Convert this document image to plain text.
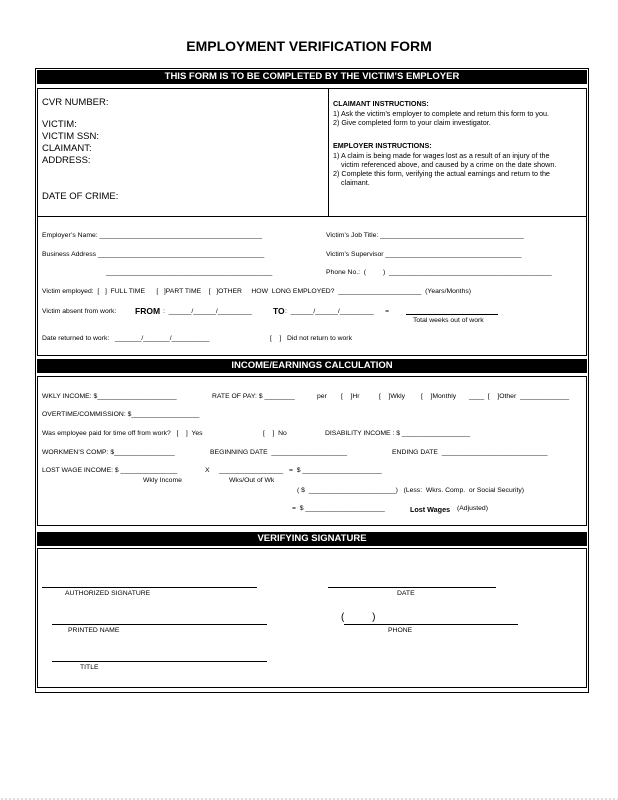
EMPLOYMENT VERIFICATION FORM
THIS FORM IS TO BE COMPLETED BY THE VICTIM’S EMPLOYER
CVR NUMBER:
VICTIM:
VICTIM SSN:
CLAIMANT:
ADDRESS:
DATE OF CRIME:
CLAIMANT INSTRUCTIONS:
1) Ask the victim’s employer to complete and return this form to you.
2) Give completed form to your claim investigator.
EMPLOYER INSTRUCTIONS:
1) A claim is being made for wages lost as a result of an injury of the
victim referenced above, and caused by a crime on the date shown.
2) Complete this form, verifying the actual earnings and return to the
claimant.
Employer’s Name: ___________________________________________	Victim’s Job Title: ______________________________________
Business Address ____________________________________________	Victim’s Supervisor ____________________________________
____________________________________________	Phone No.:  (         )  ___________________________________________
Victim employed:  [   ]  FULL TIME      [   ]PART TIME    [   ]OTHER     HOW  LONG EMPLOYED?  ______________________  (Years/Months)
Victim absent from work: FROM :  ______/______/_________ TO :  ______/______/_________      =
Total weeks out of work
Date returned to work:   _______/_______/__________	[    ]   Did not return to work
INCOME/EARNINGS CALCULATION
WKLY INCOME: $_____________________	RATE OF PAY: $ ________	per [    ]Hr	[    ]Wkly [    ]Monthly ____  [    ]Other  _____________
OVERTIME/COMMISSION: $__________________
Was employee paid for time off from work?   [    ]  Yes	[    ]  No	DISABILITY INCOME : $ __________________
WORKMEN’S COMP: $________________	BEGINNING DATE  ____________________	ENDING DATE  ____________________________
LOST WAGE INCOME: $ _______________	X _________________ =  $ _____________________
Wkly Income	Wks/Out of Wk
( $  _______________________)   (Less:  Wkrs. Comp.  or Social Security)
=  $ _____________________	Lost Wages (Adjusted)
VERIFYING SIGNATURE
AUTHORIZED SIGNATURE	DATE
PRINTED NAME
(          )
PHONE
TITLE
